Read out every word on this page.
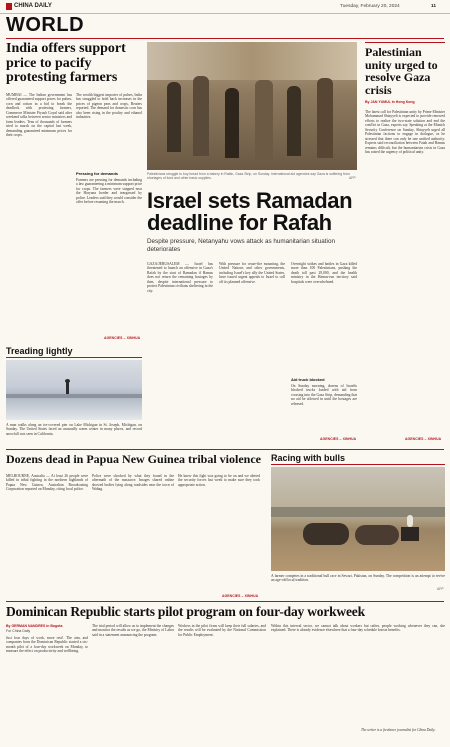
CHINA DAILY	Tuesday, February 20, 2024	11
WORLD
India offers support price to pacify protesting farmers
MUMBAI — The Indian government has offered guaranteed support prices for pulses, corn and cotton in a bid to break the deadlock with protesting farmers, Commerce Minister Piyush Goyal said after weekend talks between senior ministers and farm leaders. Tens of thousands of farmers tried to march on the capital last week, demanding guaranteed minimum prices for their crops.
The wealth biggest importer of pulses, India has struggled to hold back increases in the prices of pigeon peas and crops, Reuters reported. The demand for domestic corn has also been rising in the poultry and ethanol industries.
Pressing for demands
Farmers are pressing for demands including a law guaranteeing a minimum support price for crops. The farmers were stopped near the Haryana border and teargassed by police. Leaders said they would consider the offer before resuming the march.
AGENCIES – XINHUA
Treading lightly
A man walks along an ice-covered pier on Lake Michigan in St. Joseph, Michigan, on Sunday. The United States faced an unusually warm winter in many places, and record snowfall was seen in California.
Palestinians struggle to buy bread from a bakery in Rafah, Gaza Strip, on Sunday. International aid agencies say Gaza is suffering from shortages of food and other basic supplies.	AFP
Israel sets Ramadan deadline for Rafah
Despite pressure, Netanyahu vows attack as humanitarian situation deteriorates
GAZA/JERUSALEM — Israel has threatened to launch an offensive in Gaza's Rafah by the start of Ramadan if Hamas does not return the remaining hostages by then, despite international pressure to protect Palestinian civilians sheltering in the city.
With pressure for cease-fire mounting, the United Nations and other governments, including Israel's key ally the United States, have issued urgent appeals to Israel to call off its planned offensive.
Overnight strikes and battles in Gaza killed more than 100 Palestinians, pushing the death toll past 29,000, and the health ministry in the Hamas-run territory said hospitals were overwhelmed.
Aid truck blocked
On Sunday morning, dozens of Israelis blocked trucks loaded with aid from crossing into the Gaza Strip, demanding that no aid be allowed in until the hostages are released.
AGENCIES – XINHUA
Palestinian unity urged to resolve Gaza crisis
By JAN YUMUL in Hong Kong
The latest call for Palestinian unity by Prime Minister Mohammad Shtayyeh is expected to provide renewed efforts to realize the two-state solution and end the conflict in Gaza, experts say. Speaking at the Munich Security Conference on Sunday, Shtayyeh urged all Palestinian factions to engage in dialogue, as he stressed that there can only be one unified authority. Experts said reconciliation between Fatah and Hamas remains difficult, but the humanitarian crisis in Gaza has raised the urgency of political unity.
AGENCIES – XINHUA
Dozens dead in Papua New Guinea tribal violence
MELBOURNE, Australia — At least 26 people were killed in tribal fighting in the northern highlands of Papua New Guinea, Australian Broadcasting Corporation reported on Monday, citing local police.
Police were shocked by what they found in the aftermath of the massacre. Images shared online showed bodies lying along roadsides near the town of Wabag.
He knew this fight was going to be on and we alerted the security forces last week to make sure they took appropriate action.
AGENCIES – XINHUA
Racing with bulls
A farmer competes in a traditional bull race in Sewari, Pakistan, on Sunday. The competition is an attempt to revive an age-old local tradition.
AFP
Dominican Republic starts pilot program on four-day workweek
By GERMAN NANDRES in Bogota
For China Daily
Just four days of work, more rest!. The aim, and companies from the Dominican Republic started a six-month pilot of a four-day workweek on Monday, to measure the effect on productivity and wellbeing.
The trial period will allow us to implement the changes and monitor the results as we go, the Ministry of Labor said in a statement announcing the program.
Workers in the pilot firms will keep their full salaries, and the results will be evaluated by the National Commission for Public Employment.
Within this interval sector, we cannot talk about workers but rather, people working whenever they can, she explained. There is already evidence elsewhere that a four-day schedule boosts benefits.
The writer is a freelance journalist for China Daily.
